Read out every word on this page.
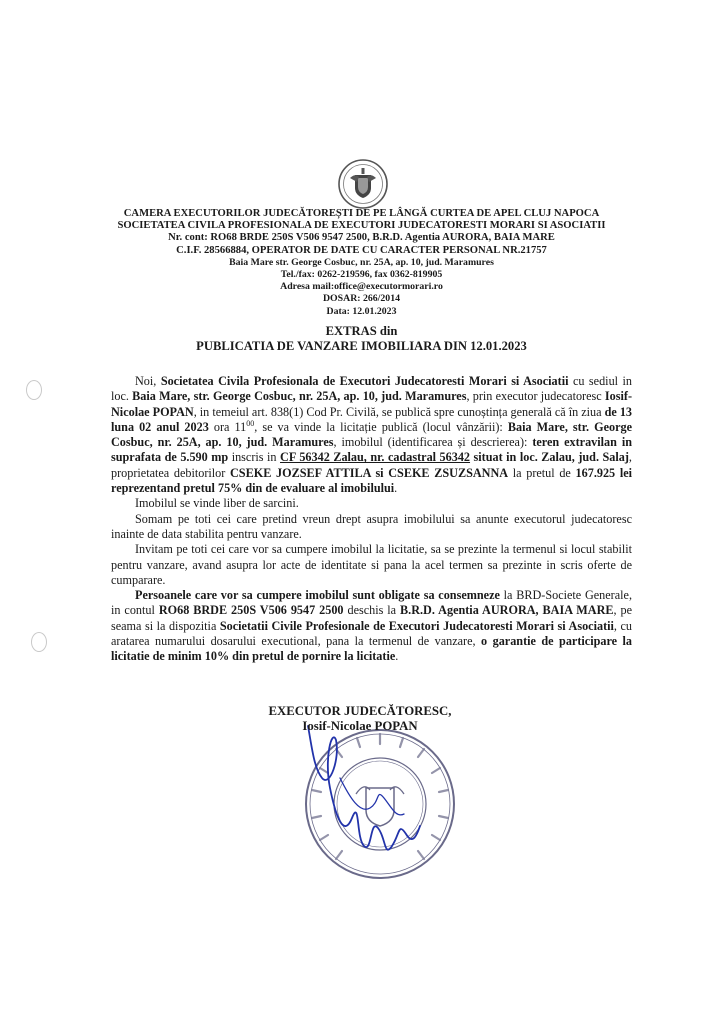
CAMERA EXECUTORILOR JUDECĂTOREȘTI DE PE LÂNGĂ CURTEA DE APEL CLUJ NAPOCA
SOCIETATEA CIVILA PROFESIONALA DE EXECUTORI JUDECATORESTI MORARI SI ASOCIATII
Nr. cont: RO68 BRDE 250S V506 9547 2500, B.R.D. Agentia AURORA, BAIA MARE
C.I.F. 28566884, OPERATOR DE DATE CU CARACTER PERSONAL NR.21757
Baia Mare str. George Cosbuc, nr. 25A, ap. 10, jud. Maramures
Tel./fax: 0262-219596, fax 0362-819905
Adresa mail:office@executormorari.ro
DOSAR: 266/2014
Data: 12.01.2023
EXTRAS din
PUBLICATIA DE VANZARE IMOBILIARA DIN 12.01.2023

Noi, Societatea Civila Profesionala de Executori Judecatoresti Morari si Asociatii cu sediul in loc. Baia Mare, str. George Cosbuc, nr. 25A, ap. 10, jud. Maramures, prin executor judecatoresc Iosif-Nicolae POPAN, in temeiul art. 838(1) Cod Pr. Civilă, se publică spre cunoștința generală că în ziua de 13 luna 02 anul 2023 ora $11^{00}$, se va vinde la licitație publică (locul vânzării): Baia Mare, str. George Cosbuc, nr. 25A, ap. 10, jud. Maramures, imobilul (identificarea și descrierea): teren extravilan in suprafata de 5.590 mp inscris in CF 56342 Zalau, nr. cadastral 56342 situat in loc. Zalau, jud. Salaj, proprietatea debitorilor CSEKE JOZSEF ATTILA si CSEKE ZSUZSANNA la pretul de 167.925 lei reprezentand pretul 75% din de evaluare al imobilului.

Imobilul se vinde liber de sarcini.

Somam pe toti cei care pretind vreun drept asupra imobilului sa anunte executorul judecatoresc inainte de data stabilita pentru vanzare.

Invitam pe toti cei care vor sa cumpere imobilul la licitatie, sa se prezinte la termenul si locul stabilit pentru vanzare, avand asupra lor acte de identitate si pana la acel termen sa prezinte in scris oferte de cumparare.

Persoanele care vor sa cumpere imobilul sunt obligate sa consemneze la BRD-Societe Generale, in contul RO68 BRDE 250S V506 9547 2500 deschis la B.R.D. Agentia AURORA, BAIA MARE, pe seama si la dispozitia Societatii Civile Profesionale de Executori Judecatoresti Morari si Asociatii, cu aratarea numarului dosarului executional, pana la termenul de vanzare, o garantie de participare la licitatie de minim 10% din pretul de pornire la licitatie.

EXECUTOR JUDECĂTORESC,
Iosif-Nicolae POPAN
